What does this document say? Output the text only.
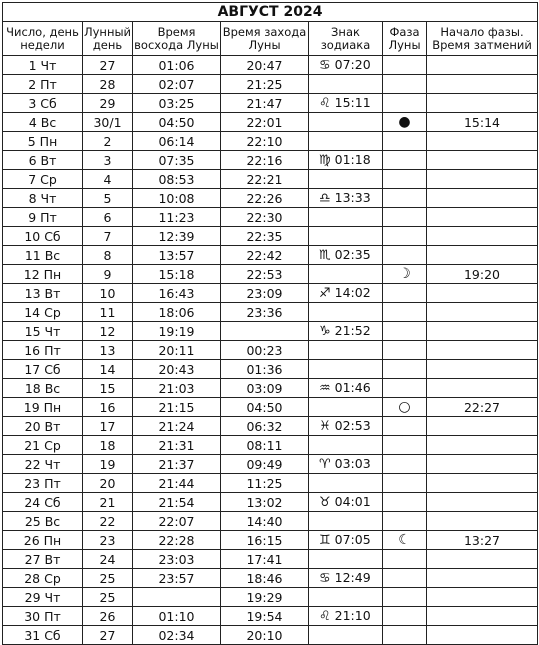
АВГУСТ 2024						
Число, день недели	Лунный день	Время восхода Луны	Время захода Луны	Знак зодиака	Фаза Луны	Начало фазы. Время затмений
1 Чт	27	01:06	20:47	♋ 07:20		
2 Пт	28	02:07	21:25			
3 Сб	29	03:25	21:47	♌ 15:11		
4 Вс	30/1	04:50	22:01		●	15:14
5 Пн	2	06:14	22:10			
6 Вт	3	07:35	22:16	♍ 01:18		
7 Ср	4	08:53	22:21			
8 Чт	5	10:08	22:26	♎ 13:33		
9 Пт	6	11:23	22:30			
10 Сб	7	12:39	22:35			
11 Вс	8	13:57	22:42	♏ 02:35		
12 Пн	9	15:18	22:53		☽	19:20
13 Вт	10	16:43	23:09	♐ 14:02		
14 Ср	11	18:06	23:36			
15 Чт	12	19:19		♑ 21:52		
16 Пт	13	20:11	00:23			
17 Сб	14	20:43	01:36			
18 Вс	15	21:03	03:09	♒ 01:46		
19 Пн	16	21:15	04:50		○	22:27
20 Вт	17	21:24	06:32	♓ 02:53		
21 Ср	18	21:31	08:11			
22 Чт	19	21:37	09:49	♈ 03:03		
23 Пт	20	21:44	11:25			
24 Сб	21	21:54	13:02	♉ 04:01		
25 Вс	22	22:07	14:40			
26 Пн	23	22:28	16:15	♊ 07:05	☾	13:27
27 Вт	24	23:03	17:41			
28 Ср	25	23:57	18:46	♋ 12:49		
29 Чт	25		19:29			
30 Пт	26	01:10	19:54	♌ 21:10		
31 Сб	27	02:34	20:10			
